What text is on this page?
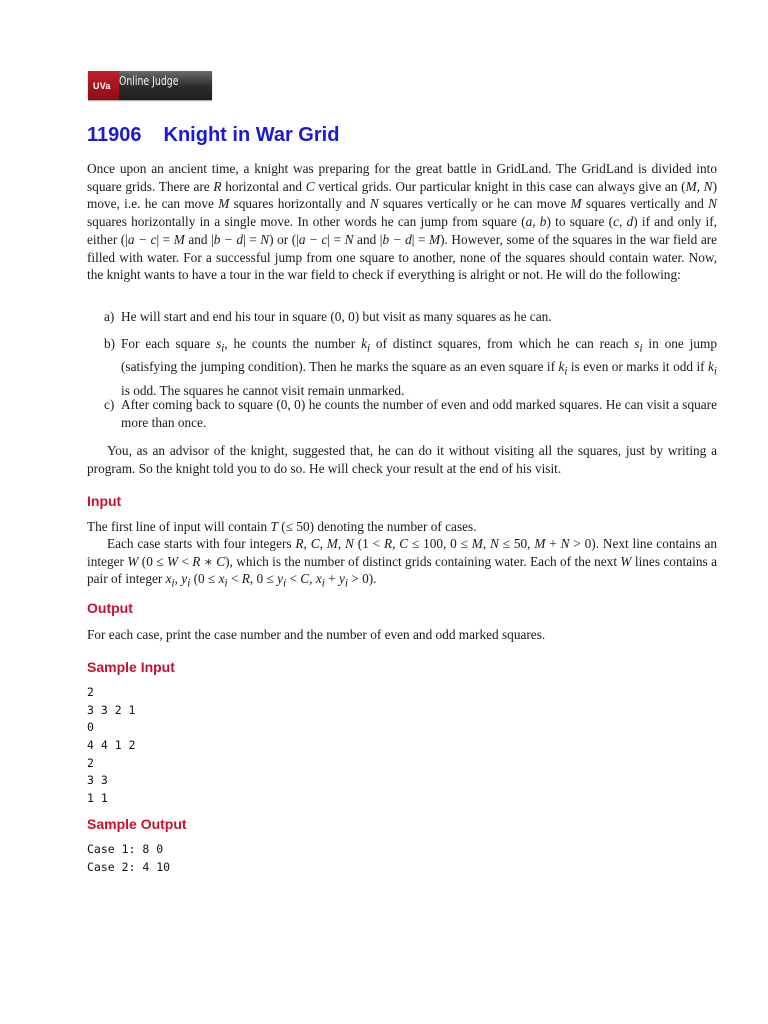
UVa Online Judge
11906 Knight in War Grid

Once upon an ancient time, a knight was preparing for the great battle in GridLand. The GridLand is divided into square grids. There are R horizontal and C vertical grids. Our particular knight in this case can always give an (M, N) move, i.e. he can move M squares horizontally and N squares vertically or he can move M squares vertically and N squares horizontally in a single move. In other words he can jump from square (a, b) to square (c, d) if and only if, either (|a − c| = M and |b − d| = N) or (|a − c| = N and |b − d| = M). However, some of the squares in the war field are filled with water. For a successful jump from one square to another, none of the squares should contain water. Now, the knight wants to have a tour in the war field to check if everything is alright or not. He will do the following:

a) He will start and end his tour in square (0, 0) but visit as many squares as he can.
b) For each square $s_i$, he counts the number $k_i$ of distinct squares, from which he can reach $s_i$ in one jump (satisfying the jumping condition). Then he marks the square as an even square if $k_i$ is even or marks it odd if $k_i$ is odd. The squares he cannot visit remain unmarked.
c) After coming back to square (0, 0) he counts the number of even and odd marked squares. He can visit a square more than once.

You, as an advisor of the knight, suggested that, he can do it without visiting all the squares, just by writing a program. So the knight told you to do so. He will check your result at the end of his visit.

Input

The first line of input will contain T (≤ 50) denoting the number of cases.

Each case starts with four integers R, C, M, N (1 < R, C ≤ 100, 0 ≤ M, N ≤ 50, M + N > 0). Next line contains an integer W (0 ≤ W < R ∗ C), which is the number of distinct grids containing water. Each of the next W lines contains a pair of integer $x_i$, $y_i$ ($0 \le x_i < R$, $0 \le y_i < C$, $x_i + y_i > 0$).

Output

For each case, print the case number and the number of even and odd marked squares.

Sample Input
2
3 3 2 1
0
4 4 1 2
2
3 3
1 1
Sample Output
Case 1: 8 0
Case 2: 4 10
